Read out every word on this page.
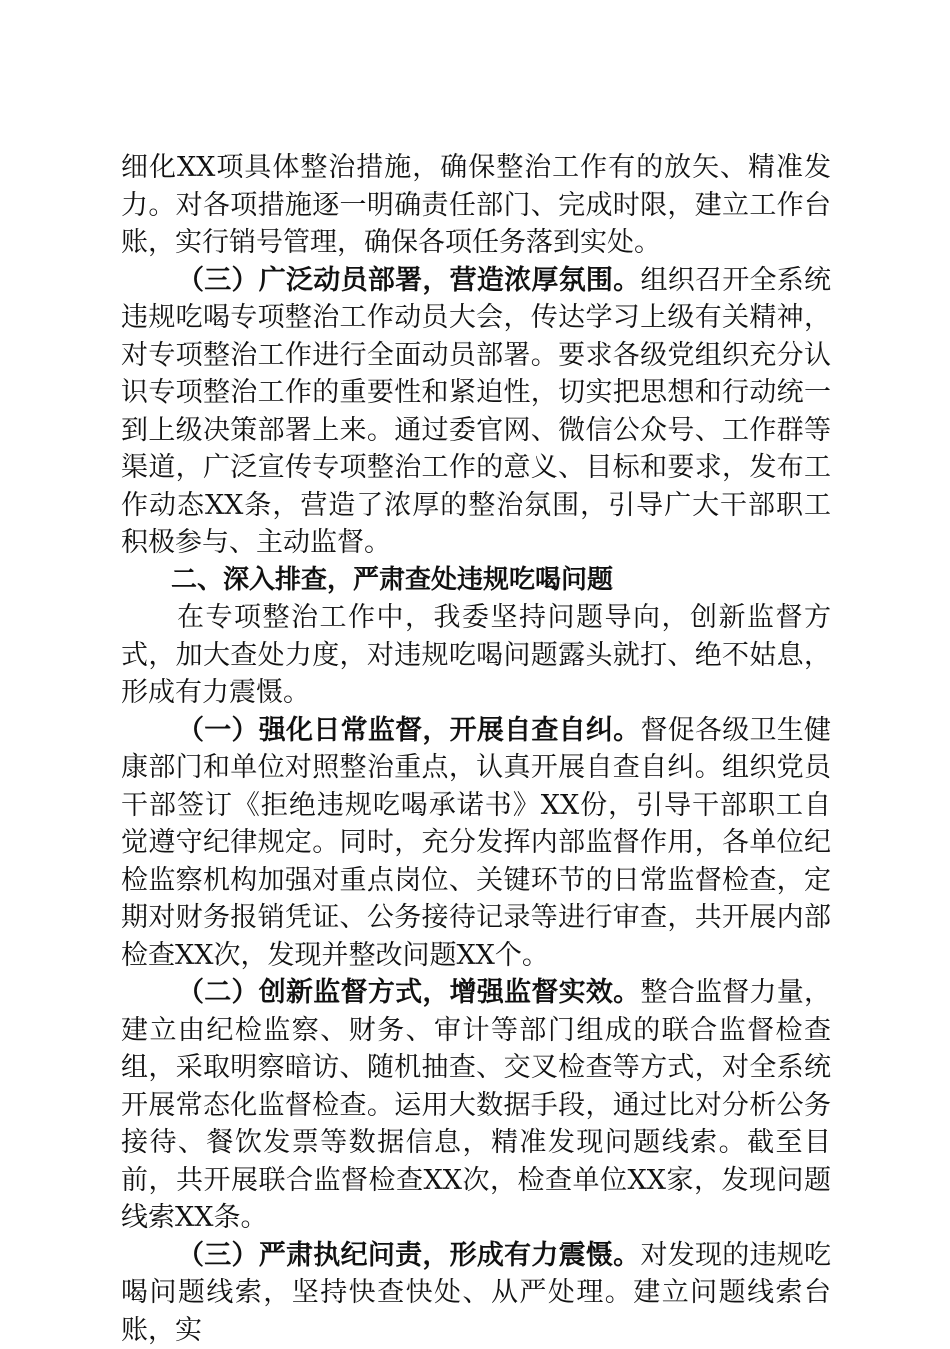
细化XX项具体整治措施，确保整治工作有的放矢、精准发力。对各项措施逐一明确责任部门、完成时限，建立工作台账，实行销号管理，确保各项任务落到实处。

（三）广泛动员部署，营造浓厚氛围。组织召开全系统违规吃喝专项整治工作动员大会，传达学习上级有关精神，对专项整治工作进行全面动员部署。要求各级党组织充分认识专项整治工作的重要性和紧迫性，切实把思想和行动统一到上级决策部署上来。通过委官网、微信公众号、工作群等渠道，广泛宣传专项整治工作的意义、目标和要求，发布工作动态XX条，营造了浓厚的整治氛围，引导广大干部职工积极参与、主动监督。

二、深入排查，严肃查处违规吃喝问题

在专项整治工作中，我委坚持问题导向，创新监督方式，加大查处力度，对违规吃喝问题露头就打、绝不姑息，形成有力震慑。

（一）强化日常监督，开展自查自纠。督促各级卫生健康部门和单位对照整治重点，认真开展自查自纠。组织党员干部签订《拒绝违规吃喝承诺书》XX份，引导干部职工自觉遵守纪律规定。同时，充分发挥内部监督作用，各单位纪检监察机构加强对重点岗位、关键环节的日常监督检查，定期对财务报销凭证、公务接待记录等进行审查，共开展内部检查XX次，发现并整改问题XX个。

（二）创新监督方式，增强监督实效。整合监督力量，建立由纪检监察、财务、审计等部门组成的联合监督检查组，采取明察暗访、随机抽查、交叉检查等方式，对全系统开展常态化监督检查。运用大数据手段，通过比对分析公务接待、餐饮发票等数据信息，精准发现问题线索。截至目前，共开展联合监督检查XX次，检查单位XX家，发现问题线索XX条。

（三）严肃执纪问责，形成有力震慑。对发现的违规吃喝问题线索，坚持快查快处、从严处理。建立问题线索台账，实
